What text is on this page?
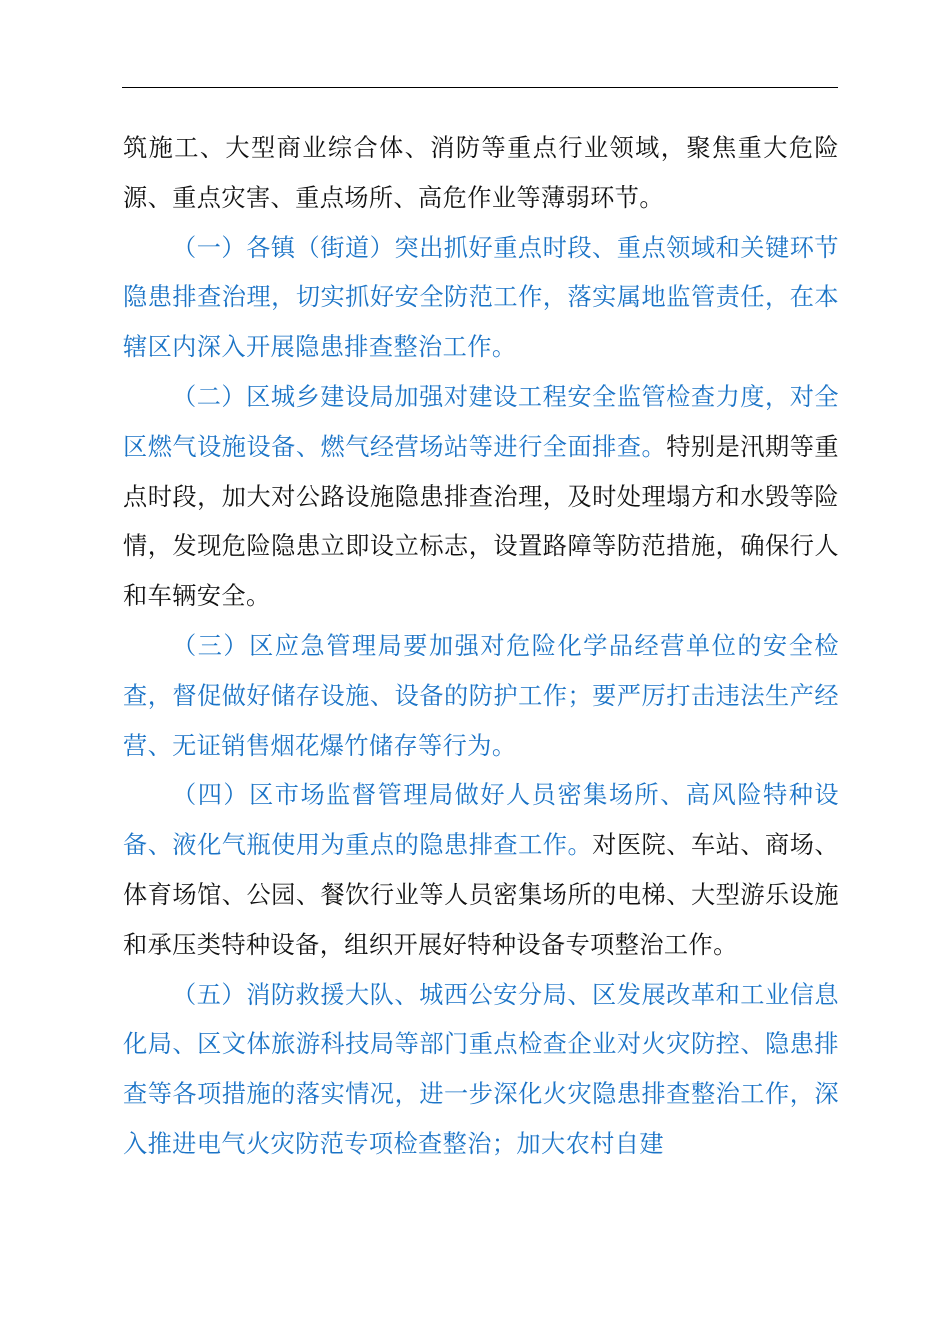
筑施工、大型商业综合体、消防等重点行业领域，聚焦重大危险源、重点灾害、重点场所、高危作业等薄弱环节。

（一）各镇（街道）突出抓好重点时段、重点领域和关键环节隐患排查治理，切实抓好安全防范工作，落实属地监管责任，在本辖区内深入开展隐患排查整治工作。

（二）区城乡建设局加强对建设工程安全监管检查力度，对全区燃气设施设备、燃气经营场站等进行全面排查。特别是汛期等重点时段，加大对公路设施隐患排查治理，及时处理塌方和水毁等险情，发现危险隐患立即设立标志，设置路障等防范措施，确保行人和车辆安全。

（三）区应急管理局要加强对危险化学品经营单位的安全检查，督促做好储存设施、设备的防护工作；要严厉打击违法生产经营、无证销售烟花爆竹储存等行为。

（四）区市场监督管理局做好人员密集场所、高风险特种设备、液化气瓶使用为重点的隐患排查工作。对医院、车站、商场、体育场馆、公园、餐饮行业等人员密集场所的电梯、大型游乐设施和承压类特种设备，组织开展好特种设备专项整治工作。

（五）消防救援大队、城西公安分局、区发展改革和工业信息化局、区文体旅游科技局等部门重点检查企业对火灾防控、隐患排查等各项措施的落实情况，进一步深化火灾隐患排查整治工作，深入推进电气火灾防范专项检查整治；加大农村自建
